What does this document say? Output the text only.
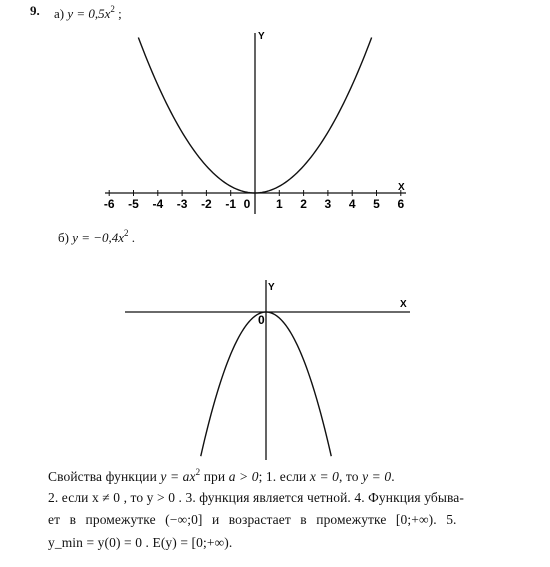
9. а) $y = 0,5x^2$ ;
б) $y = -0,4x^2$ .
X
Y
-6 -5 -4 -3 -2 -1 0 1 2 3 4 5 6
X
Y
0
Свойства функции $y = ax^2$ при a > 0; 1. если x = 0, то y = 0.
2. если x ≠ 0 , то y > 0 . 3. функция является четной. 4. Функция убыва-
ет в промежутке (−∞;0] и возрастает в промежутке [0;+∞). 5.
y_min = y(0) = 0 . E(y) = [0;+∞).
